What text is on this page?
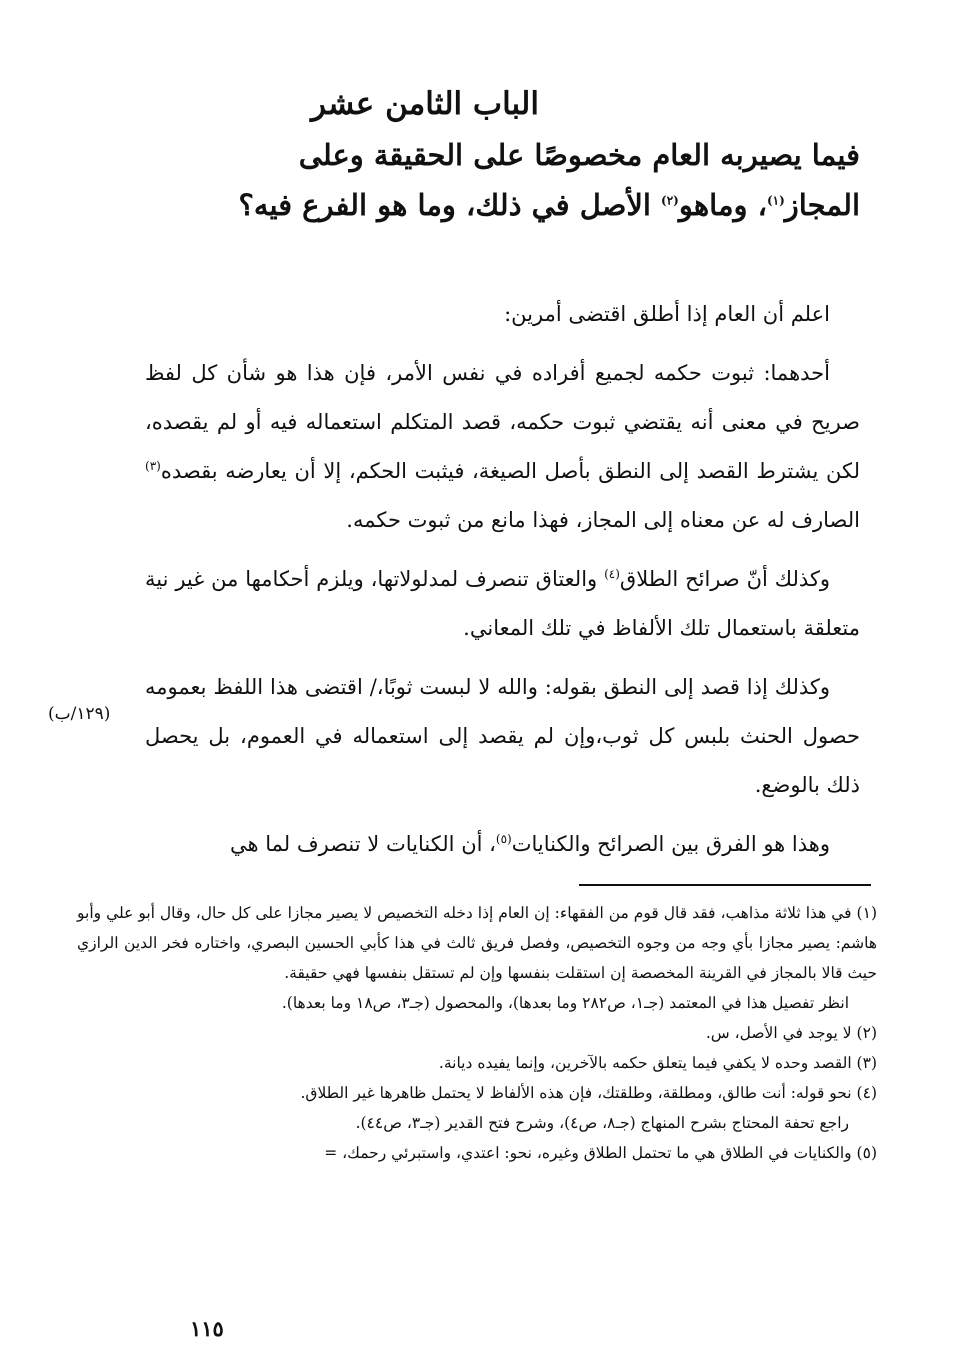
الباب الثامن عشر
فيما يصيربه العام مخصوصًا على الحقيقة وعلى
المجاز$^{(١)}$، وماهو$^{(٢)}$ الأصل في ذلك، وما هو الفرع فيه؟

اعلم أن العام إذا أطلق اقتضى أمرين:

أحدهما: ثبوت حكمه لجميع أفراده في نفس الأمر، فإن هذا هو شأن كل لفظ صريح في معنى أنه يقتضي ثبوت حكمه، قصد المتكلم استعماله فيه أو لم يقصده، لكن يشترط القصد إلى النطق بأصل الصيغة، فيثبت الحكم، إلا أن يعارضه بقصده$^{(٣)}$ الصارف له عن معناه إلى المجاز، فهذا مانع من ثبوت حكمه.

وكذلك أنّ صرائح الطلاق$^{(٤)}$ والعتاق تنصرف لمدلولاتها، ويلزم أحكامها من غير نية متعلقة باستعمال تلك الألفاظ في تلك المعاني.

وكذلك إذا قصد إلى النطق بقوله: والله لا لبست ثوبًا،/ اقتضى هذا اللفظ بعمومه حصول الحنث بلبس كل ثوب،وإن لم يقصد إلى استعماله في العموم، بل يحصل ذلك بالوضع.

وهذا هو الفرق بين الصرائح والكنايات$^{(٥)}$، أن الكنايات لا تنصرف لما هي

(١٢٩/ب)

(١) في هذا ثلاثة مذاهب، فقد قال قوم من الفقهاء: إن العام إذا دخله التخصيص لا يصير مجازا على كل حال، وقال أبو علي وأبو هاشم: يصير مجازا بأي وجه من وجوه التخصيص، وفصل فريق ثالث في هذا كأبي الحسين البصري، واختاره فخر الدين الرازي حيث قالا بالمجاز في القرينة المخصصة إن استقلت بنفسها وإن لم تستقل بنفسها فهي حقيقة.

انظر تفصيل هذا في المعتمد (جـ١، ص٢٨٢ وما بعدها)، والمحصول (جـ٣، ص١٨ وما بعدها).

(٢) لا يوجد في الأصل، س.

(٣) القصد وحده لا يكفي فيما يتعلق حكمه بالآخرين، وإنما يفيده ديانة.

(٤) نحو قوله: أنت طالق، ومطلقة، وطلقتك، فإن هذه الألفاظ لا يحتمل ظاهرها غير الطلاق.

راجع تحفة المحتاج بشرح المنهاج (جـ٨، ص٤)، وشرح فتح القدير (جـ٣، ص٤٤).

(٥) والكنايات في الطلاق هي ما تحتمل الطلاق وغيره، نحو: اعتدي، واستبرئي رحمك، =

١١٥
